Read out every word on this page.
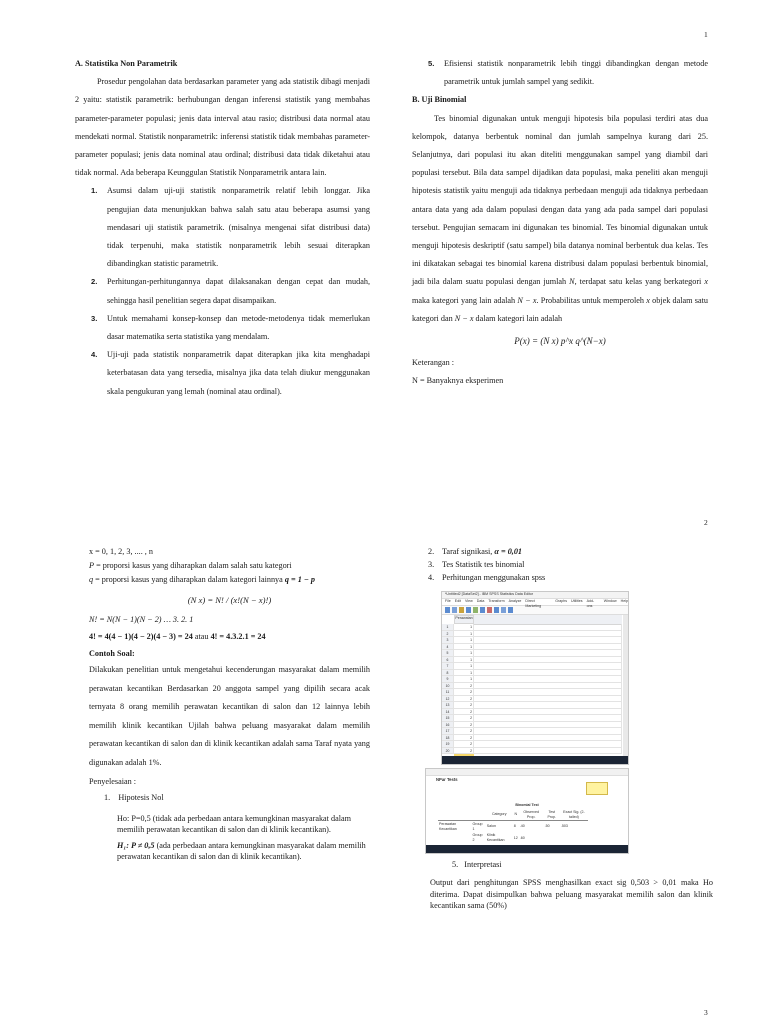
1

A. Statistika Non Parametrik

Prosedur pengolahan data berdasarkan parameter yang ada statistik dibagi menjadi 2 yaitu: statistik parametrik: berhubungan dengan inferensi statistik yang membahas parameter-parameter populasi; jenis data interval atau rasio; distribusi data normal atau mendekati normal. Statistik nonparametrik: inferensi statistik tidak membahas parameter-parameter populasi; jenis data nominal atau ordinal; distribusi data tidak diketahui atau tidak normal. Ada beberapa Keunggulan Statistik Nonparametrik antara lain.

1. Asumsi dalam uji-uji statistik nonparametrik relatif lebih longgar. Jika pengujian data menunjukkan bahwa salah satu atau beberapa asumsi yang mendasari uji statistik parametrik. (misalnya mengenai sifat distribusi data) tidak terpenuhi, maka statistik nonparametrik lebih sesuai diterapkan dibandingkan statistic parametrik.
2. Perhitungan-perhitungannya dapat dilaksanakan dengan cepat dan mudah, sehingga hasil penelitian segera dapat disampaikan.
3. Untuk memahami konsep-konsep dan metode-metodenya tidak memerlukan dasar matematika serta statistika yang mendalam.
4. Uji-uji pada statistik nonparametrik dapat diterapkan jika kita menghadapi keterbatasan data yang tersedia, misalnya jika data telah diukur menggunakan skala pengukuran yang lemah (nominal atau ordinal).
5. Efisiensi statistik nonparametrik lebih tinggi dibandingkan dengan metode parametrik untuk jumlah sampel yang sedikit.

B. Uji Binomial

Tes binomial digunakan untuk menguji hipotesis bila populasi terdiri atas dua kelompok, datanya berbentuk nominal dan jumlah sampelnya kurang dari 25. Selanjutnya, dari populasi itu akan diteliti menggunakan sampel yang diambil dari populasi tersebut. Bila data sampel dijadikan data populasi, maka peneliti akan menguji hipotesis statistik yaitu menguji ada tidaknya perbedaan menguji ada tidaknya perbedaan antara data yang ada dalam populasi dengan data yang ada pada sampel dari populasi tersebut. Pengujian semacam ini digunakan tes binomial. Tes binomial digunakan untuk menguji hipotesis deskriptif (satu sampel) bila datanya nominal berbentuk dua kelas. Tes ini dikatakan sebagai tes binomial karena distribusi dalam populasi berbentuk binomial, jadi bila dalam suatu populasi dengan jumlah N, terdapat satu kelas yang berkategori x maka kategori yang lain adalah N − x. Probabilitas untuk memperoleh x objek dalam satu kategori dan N − x dalam kategori lain adalah

P(x) = (N x) p^x q^(N−x)

Keterangan :

N = Banyaknya eksperimen

2

x = 0, 1, 2, 3, .... , n

P = proporsi kasus yang diharapkan dalam salah satu kategori

q = proporsi kasus yang diharapkan dalam kategori lainnya q = 1 − p

(N x) = N! / (x!(N − x)!)

N! = N(N − 1)(N − 2) … 3. 2. 1

4! = 4(4 − 1)(4 − 2)(4 − 3) = 24 atau 4! = 4.3.2.1 = 24

Contoh Soal:

Dilakukan penelitian untuk mengetahui kecenderungan masyarakat dalam memilih perawatan kecantikan Berdasarkan 20 anggota sampel yang dipilih secara acak ternyata 8 orang memilih perawatan kecantikan di salon dan 12 lainnya lebih memilih klinik kecantikan Ujilah bahwa peluang masyarakat dalam memilih perawatan kecantikan di salon dan di klinik kecantikan adalah sama Taraf nyata yang digunakan adalah 1%.

Penyelesaian :

1. Hipotesis Nol

Ho: P=0,5 (tidak ada perbedaan antara kemungkinan masyarakat dalam memilih perawatan kecantikan di salon dan di klinik kecantikan).

H₁: P ≠ 0,5 (ada perbedaan antara kemungkinan masyarakat dalam memilih perawatan kecantikan di salon dan di klinik kecantikan).

2. Taraf signikasi, α = 0,01
3. Tes Statistik tes binomial
4. Perhitungan menggunakan spss
*Untitled2 [DataSet2] - IBM SPSS Statistics Data Editor
File Edit View Data Transform Analyze Direct Marketing
Graphs Utilities Add-ons
Window Help
Perawatan
1	1
2	1
3	1
4	1
5	1
6	1
7	1
8	1
9	1
10	2
11	2
12	2
13	2
14	2
15	2
16	2
17	2
18	2
19	2
20	2
NPar Tests
Binomial Test
		Category	N	Observed Prop.	Test Prop.	Exact Sig. (2-tailed)
Perawatan Kecantikan	Group 1	Salon	8	.40	.50	.503
	Group 2	Klinik Kecantikan	12	.60		

5. Interpretasi

Output dari penghitungan SPSS menghasilkan exact sig 0,503 > 0,01 maka Ho diterima. Dapat disimpulkan bahwa peluang masyarakat memilih salon dan klinik kecantikan sama (50%)

3
